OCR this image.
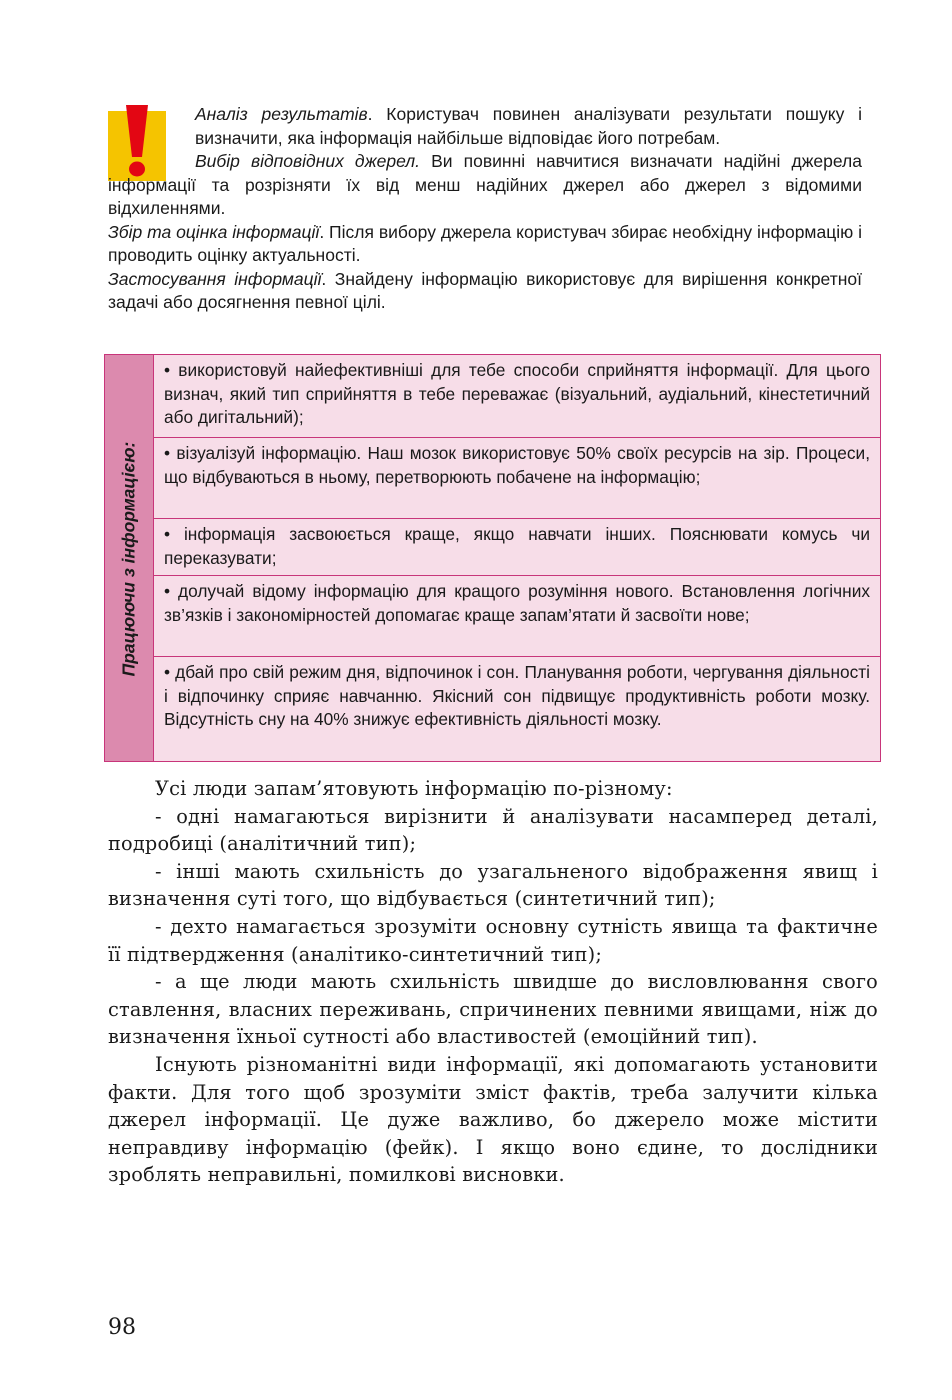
Аналіз результатів. Користувач повинен аналізувати результати пошуку і визначити, яка інформація найбільше відповідає його потребам.

Вибір відповідних джерел. Ви повинні навчитися визначати надійні джерела інформації та розрізняти їх від менш надійних джерел або джерел з відомими відхиленнями.

Збір та оцінка інформації. Після вибору джерела користувач збирає необхідну інформацію і проводить оцінку актуальності.

Застосування інформації. Знайдену інформацію використовує для вирішення конкретної задачі або досягнення певної цілі.

Працюючи з інформацією:
• використовуй найефективніші для тебе способи сприйняття інформації. Для цього визнач, який тип сприйняття в тебе переважає (візуальний, аудіальний, кінестетичний або дигітальний);
• візуалізуй інформацію. Наш мозок використовує 50% своїх ресурсів на зір. Процеси, що відбуваються в ньому, перетворюють побачене на інформацію;
• інформація засвоюється краще, якщо навчати інших. Пояснювати комусь чи переказувати;
• долучай відому інформацію для кращого розуміння нового. Встановлення логічних зв’язків і закономірностей допомагає краще запам’ятати й засвоїти нове;
• дбай про свій режим дня, відпочинок і сон. Планування роботи, чергування діяльності і відпочинку сприяє навчанню. Якісний сон підвищує продуктивність роботи мозку. Відсутність сну на 40% знижує ефективність діяльності мозку.

Усі люди запам’ятовують інформацію по-різному:

- одні намагаються вирізнити й аналізувати насамперед деталі, подробиці (аналітичний тип);

- інші мають схильність до узагальненого відображення явищ і визначення суті того, що відбувається (синтетичний тип);

- дехто намагається зрозуміти основну сутність явища та фактичне її підтвердження (аналітико-синтетичний тип);

- а ще люди мають схильність швидше до висловлювання свого ставлення, власних переживань, спричинених певними явищами, ніж до визначення їхньої сутності або властивостей (емоційний тип).

Існують різноманітні види інформації, які допомагають установити факти. Для того щоб зрозуміти зміст фактів, треба залучити кілька джерел інформації. Це дуже важливо, бо джерело може містити неправдиву інформацію (фейк). І якщо воно єдине, то дослідники зроблять неправильні, помилкові висновки.

98
